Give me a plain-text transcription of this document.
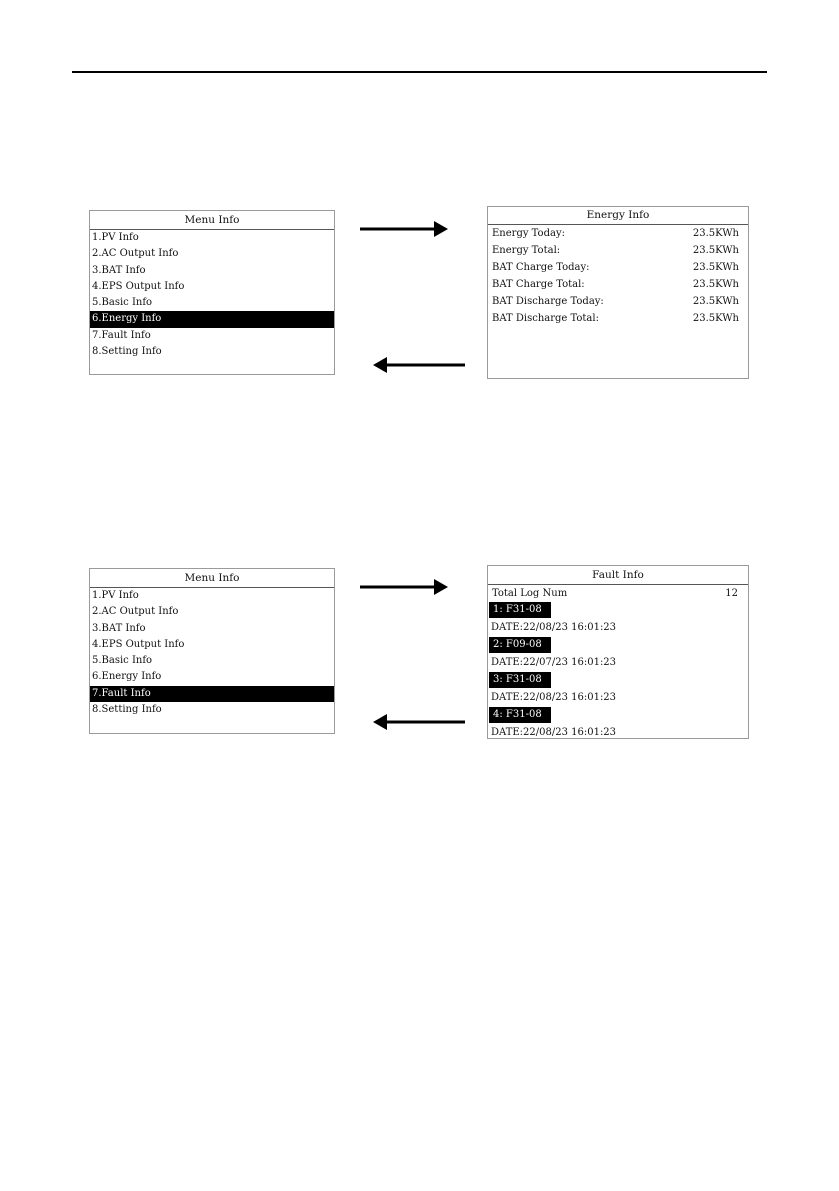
Menu Info
1.PV Info
2.AC Output Info
3.BAT Info
4.EPS Output Info
5.Basic Info
6.Energy Info
7.Fault Info
8.Setting Info
Energy Info
Energy Today:	23.5KWh
Energy Total:	23.5KWh
BAT Charge Today:	23.5KWh
BAT Charge Total:	23.5KWh
BAT Discharge Today:	23.5KWh
BAT Discharge Total:	23.5KWh
Menu Info
1.PV Info
2.AC Output Info
3.BAT Info
4.EPS Output Info
5.Basic Info
6.Energy Info
7.Fault Info
8.Setting Info
Fault Info
Total Log Num	12
1: F31-08
DATE:22/08/23 16:01:23
2: F09-08
DATE:22/07/23 16:01:23
3: F31-08
DATE:22/08/23 16:01:23
4: F31-08
DATE:22/08/23 16:01:23
